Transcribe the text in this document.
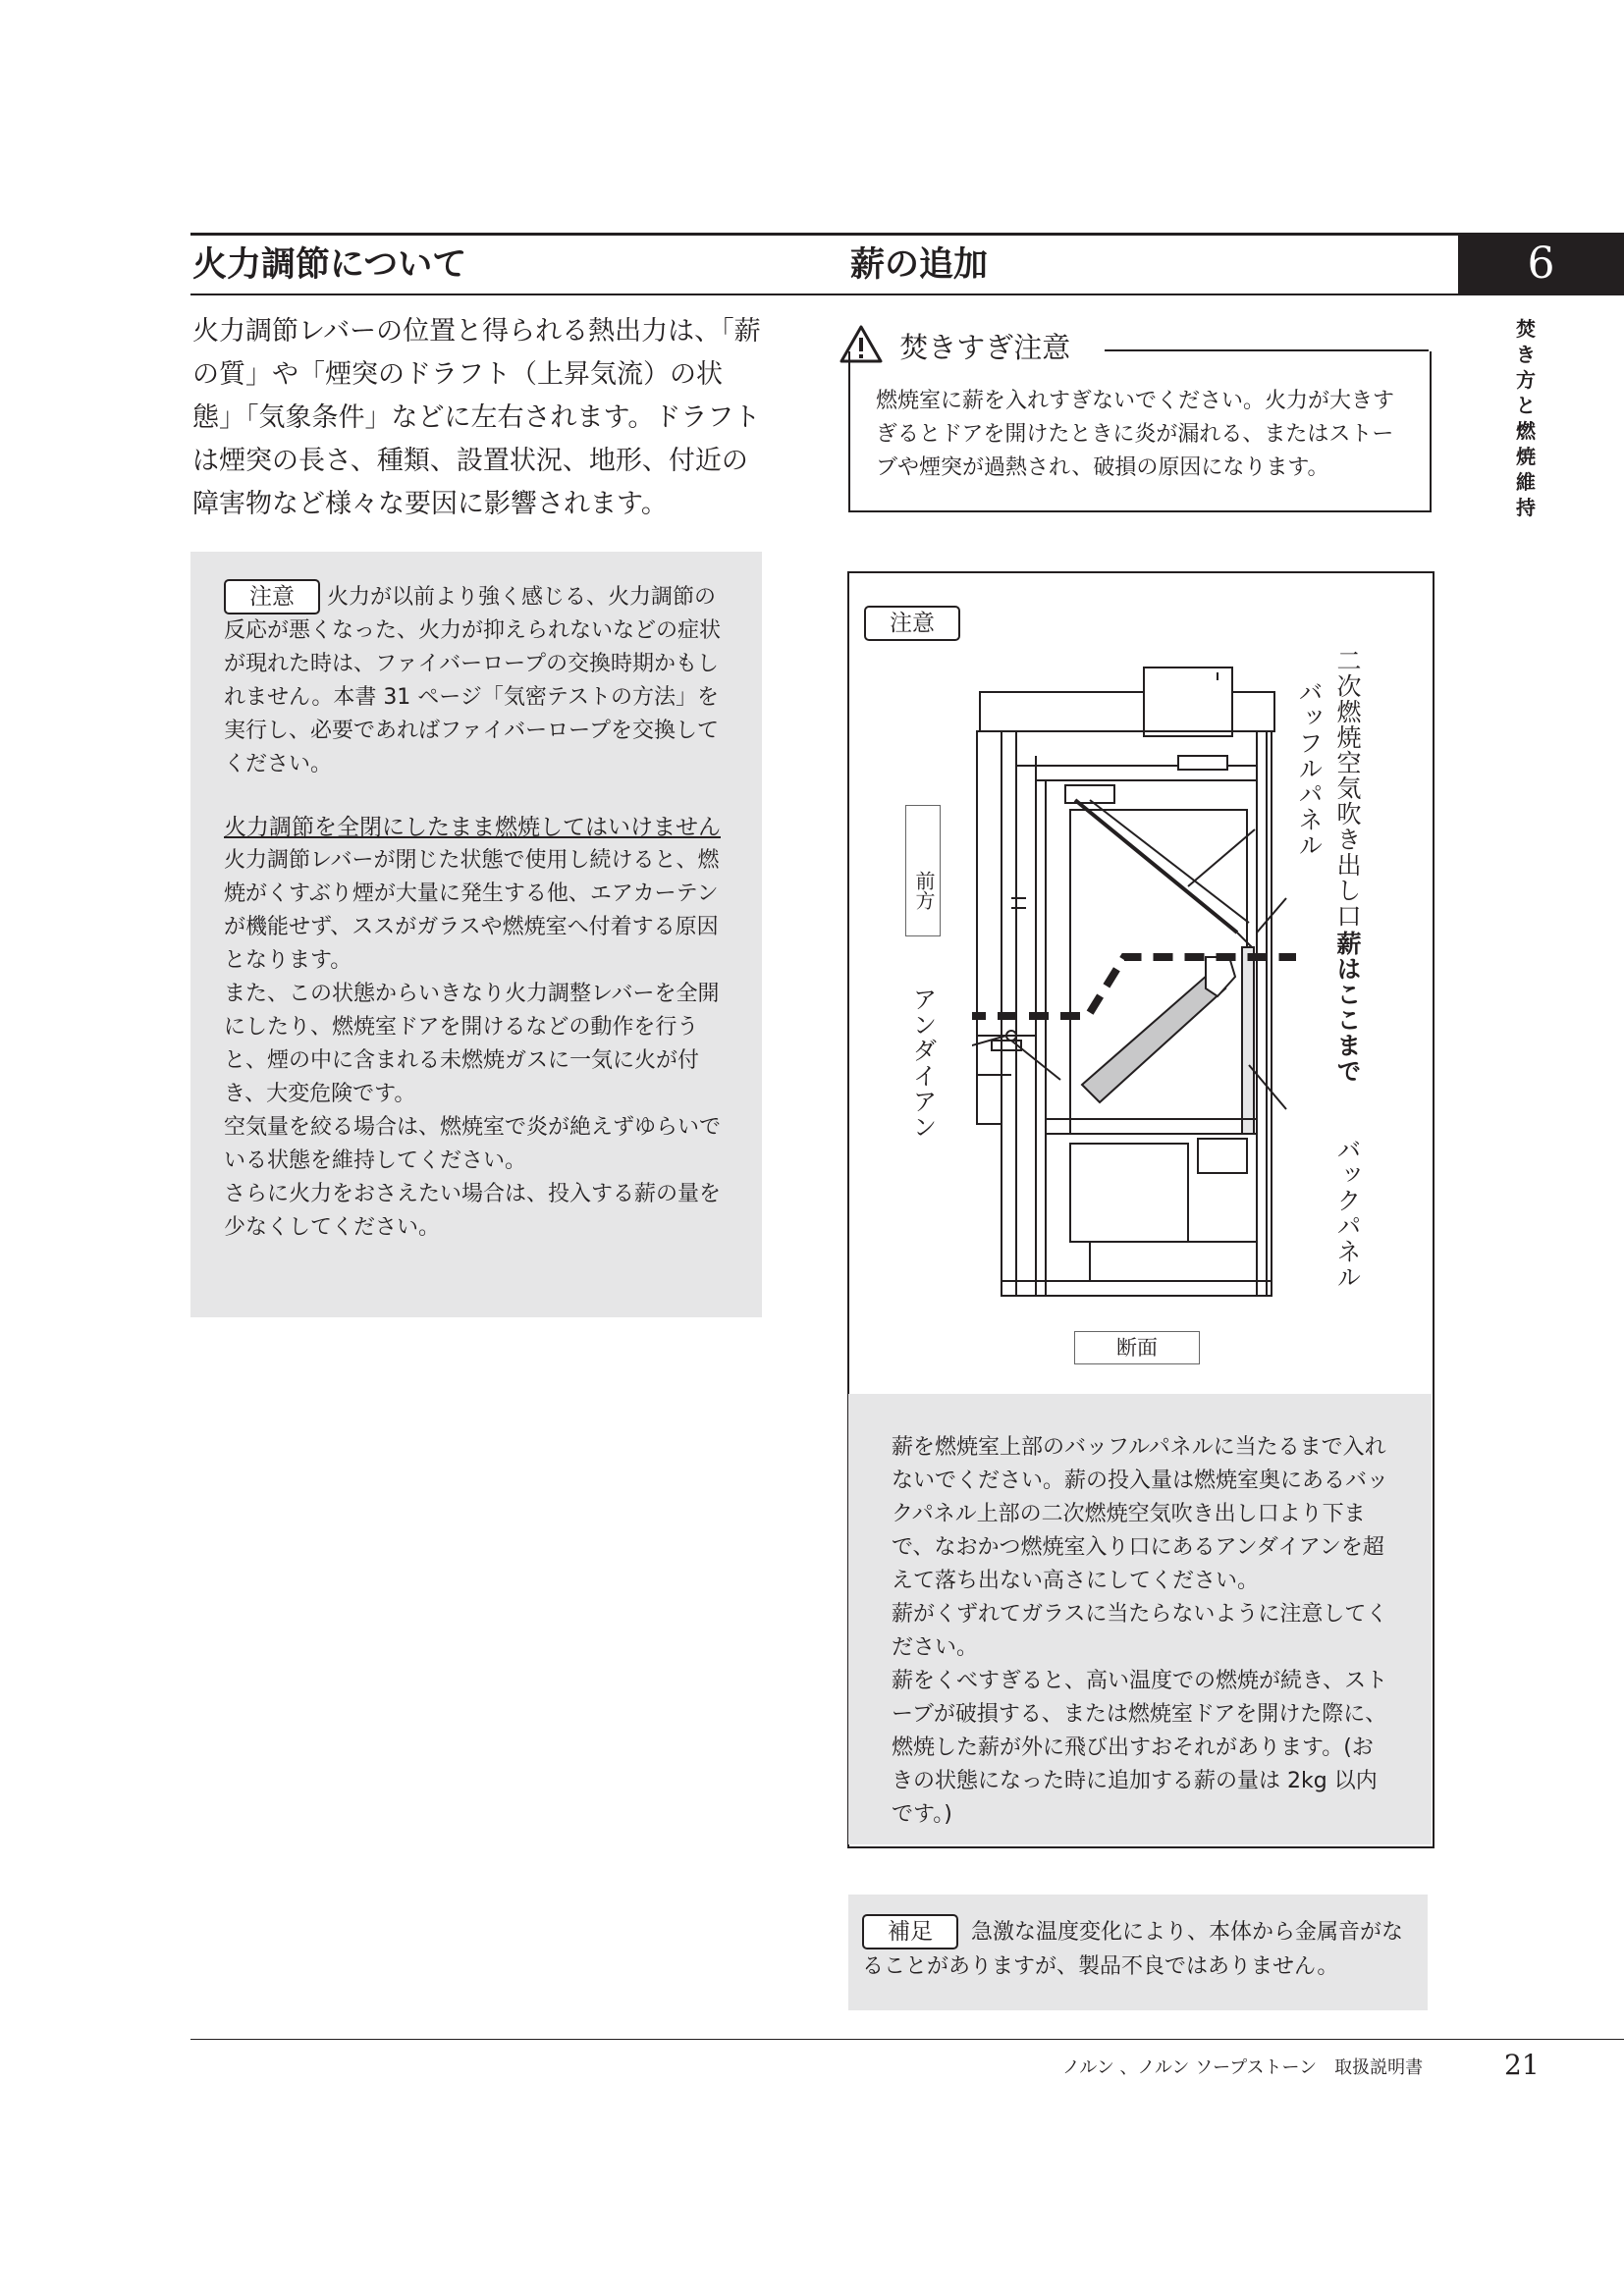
火力調節について	薪の追加	6
焚
き
方
と
燃
焼
維
持
火力調節レバーの位置と得られる熱出力は、「薪の質」や「煙突のドラフト（上昇気流）の状態」「気象条件」などに左右されます。ドラフトは煙突の長さ、種類、設置状況、地形、付近の障害物など様々な要因に影響されます。

注意 火力が以前より強く感じる、火力調節の反応が悪くなった、火力が抑えられないなどの症状が現れた時は、ファイバーロープの交換時期かもしれません。本書 31 ページ「気密テストの方法」を実行し、必要であればファイバーロープを交換してください。

火力調節を全閉にしたまま燃焼してはいけません

火力調節レバーが閉じた状態で使用し続けると、燃焼がくすぶり煙が大量に発生する他、エアカーテンが機能せず、ススがガラスや燃焼室へ付着する原因となります。

また、この状態からいきなり火力調整レバーを全開にしたり、燃焼室ドアを開けるなどの動作を行うと、煙の中に含まれる未燃焼ガスに一気に火が付き、大変危険です。

空気量を絞る場合は、燃焼室で炎が絶えずゆらいでいる状態を維持してください。

さらに火力をおさえたい場合は、投入する薪の量を少なくしてください。

焚きすぎ注意
燃焼室に薪を入れすぎないでください。火力が大きすぎるとドアを開けたときに炎が漏れる、またはストーブや煙突が過熱され、破損の原因になります。
注意
二次燃焼空気吹き出し口
バッフルパネル
薪はここまで
バックパネル
アンダイアン
前方
断面

薪を燃焼室上部のバッフルパネルに当たるまで入れないでください。薪の投入量は燃焼室奥にあるバックパネル上部の二次燃焼空気吹き出し口より下まで、なおかつ燃焼室入り口にあるアンダイアンを超えて落ち出ない高さにしてください。

薪がくずれてガラスに当たらないように注意してください。

薪をくべすぎると、高い温度での燃焼が続き、ストーブが破損する、または燃焼室ドアを開けた際に、燃焼した薪が外に飛び出すおそれがあります。(おきの状態になった時に追加する薪の量は 2kg 以内です。)

補足 急激な温度変化により、本体から金属音がなることがありますが、製品不良ではありません。
ノルン 、ノルン ソープストーン　取扱説明書	21
